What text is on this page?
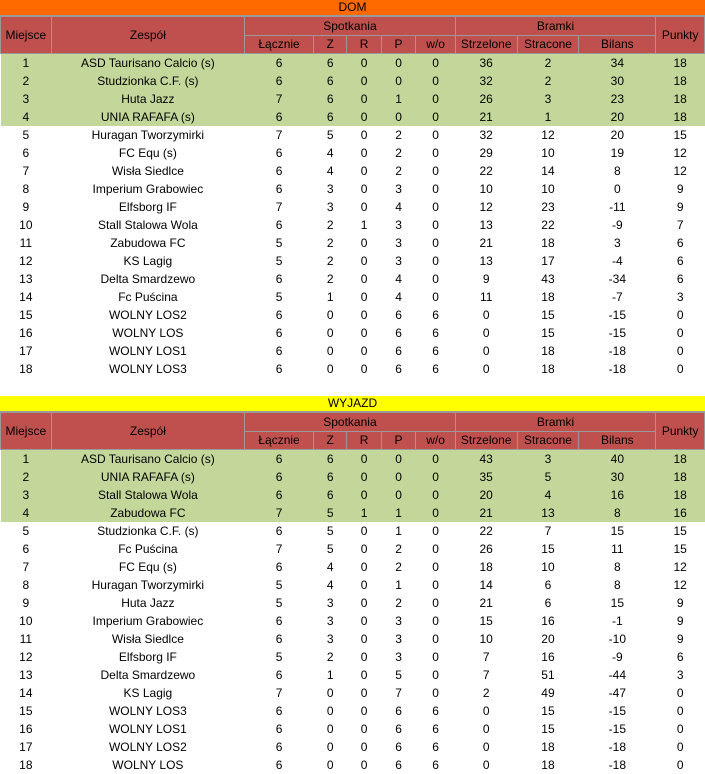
DOM
Miejsce	Zespół	Spotkania					Bramki			Punkty
		Łącznie	Z	R	P	w/o	Strzelone	Stracone	Bilans	
1	ASD Taurisano Calcio (s)	6	6	0	0	0	36	2	34	18
2	Studzionka C.F. (s)	6	6	0	0	0	32	2	30	18
3	Huta Jazz	7	6	0	1	0	26	3	23	18
4	UNIA RAFAFA (s)	6	6	0	0	0	21	1	20	18
5	Huragan Tworzymirki	7	5	0	2	0	32	12	20	15
6	FC Equ (s)	6	4	0	2	0	29	10	19	12
7	Wisła Siedlce	6	4	0	2	0	22	14	8	12
8	Imperium Grabowiec	6	3	0	3	0	10	10	0	9
9	Elfsborg IF	7	3	0	4	0	12	23	-11	9
10	Stall Stalowa Wola	6	2	1	3	0	13	22	-9	7
11	Zabudowa FC	5	2	0	3	0	21	18	3	6
12	KS Lagig	5	2	0	3	0	13	17	-4	6
13	Delta Smardzewo	6	2	0	4	0	9	43	-34	6
14	Fc Puścina	5	1	0	4	0	11	18	-7	3
15	WOLNY LOS2	6	0	0	6	6	0	15	-15	0
16	WOLNY LOS	6	0	0	6	6	0	15	-15	0
17	WOLNY LOS1	6	0	0	6	6	0	18	-18	0
18	WOLNY LOS3	6	0	0	6	6	0	18	-18	0
WYJAZD
Miejsce	Zespół	Spotkania					Bramki			Punkty
		Łącznie	Z	R	P	w/o	Strzelone	Stracone	Bilans	
1	ASD Taurisano Calcio (s)	6	6	0	0	0	43	3	40	18
2	UNIA RAFAFA (s)	6	6	0	0	0	35	5	30	18
3	Stall Stalowa Wola	6	6	0	0	0	20	4	16	18
4	Zabudowa FC	7	5	1	1	0	21	13	8	16
5	Studzionka C.F. (s)	6	5	0	1	0	22	7	15	15
6	Fc Puścina	7	5	0	2	0	26	15	11	15
7	FC Equ (s)	6	4	0	2	0	18	10	8	12
8	Huragan Tworzymirki	5	4	0	1	0	14	6	8	12
9	Huta Jazz	5	3	0	2	0	21	6	15	9
10	Imperium Grabowiec	6	3	0	3	0	15	16	-1	9
11	Wisła Siedlce	6	3	0	3	0	10	20	-10	9
12	Elfsborg IF	5	2	0	3	0	7	16	-9	6
13	Delta Smardzewo	6	1	0	5	0	7	51	-44	3
14	KS Lagig	7	0	0	7	0	2	49	-47	0
15	WOLNY LOS3	6	0	0	6	6	0	15	-15	0
16	WOLNY LOS1	6	0	0	6	6	0	15	-15	0
17	WOLNY LOS2	6	0	0	6	6	0	18	-18	0
18	WOLNY LOS	6	0	0	6	6	0	18	-18	0
